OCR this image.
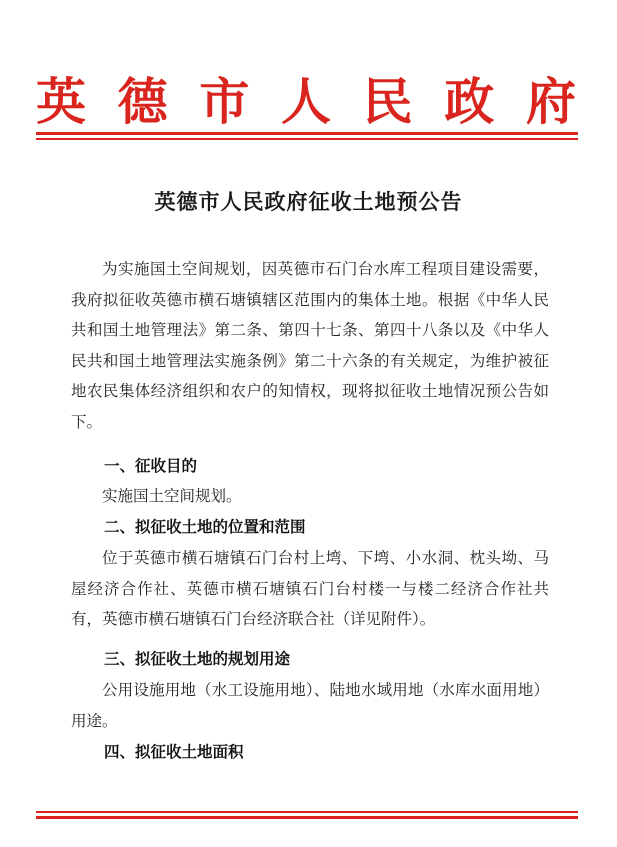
英 德 市 人 民 政 府
英德市人民政府征收土地预公告
为实施国土空间规划，因英德市石门台水库工程项目建设需要，我府拟征收英德市横石塘镇辖区范围内的集体土地。根据《中华人民共和国土地管理法》第二条、第四十七条、第四十八条以及《中华人民共和国土地管理法实施条例》第二十六条的有关规定，为维护被征地农民集体经济组织和农户的知情权，现将拟征收土地情况预公告如下。
一、征收目的
实施国土空间规划。
二、拟征收土地的位置和范围
位于英德市横石塘镇石门台村上塆、下塆、小水洞、枕头坳、马屋经济合作社、英德市横石塘镇石门台村楼一与楼二经济合作社共有，英德市横石塘镇石门台经济联合社（详见附件）。
三、拟征收土地的规划用途
公用设施用地（水工设施用地）、陆地水域用地（水库水面用地）用途。
四、拟征收土地面积
